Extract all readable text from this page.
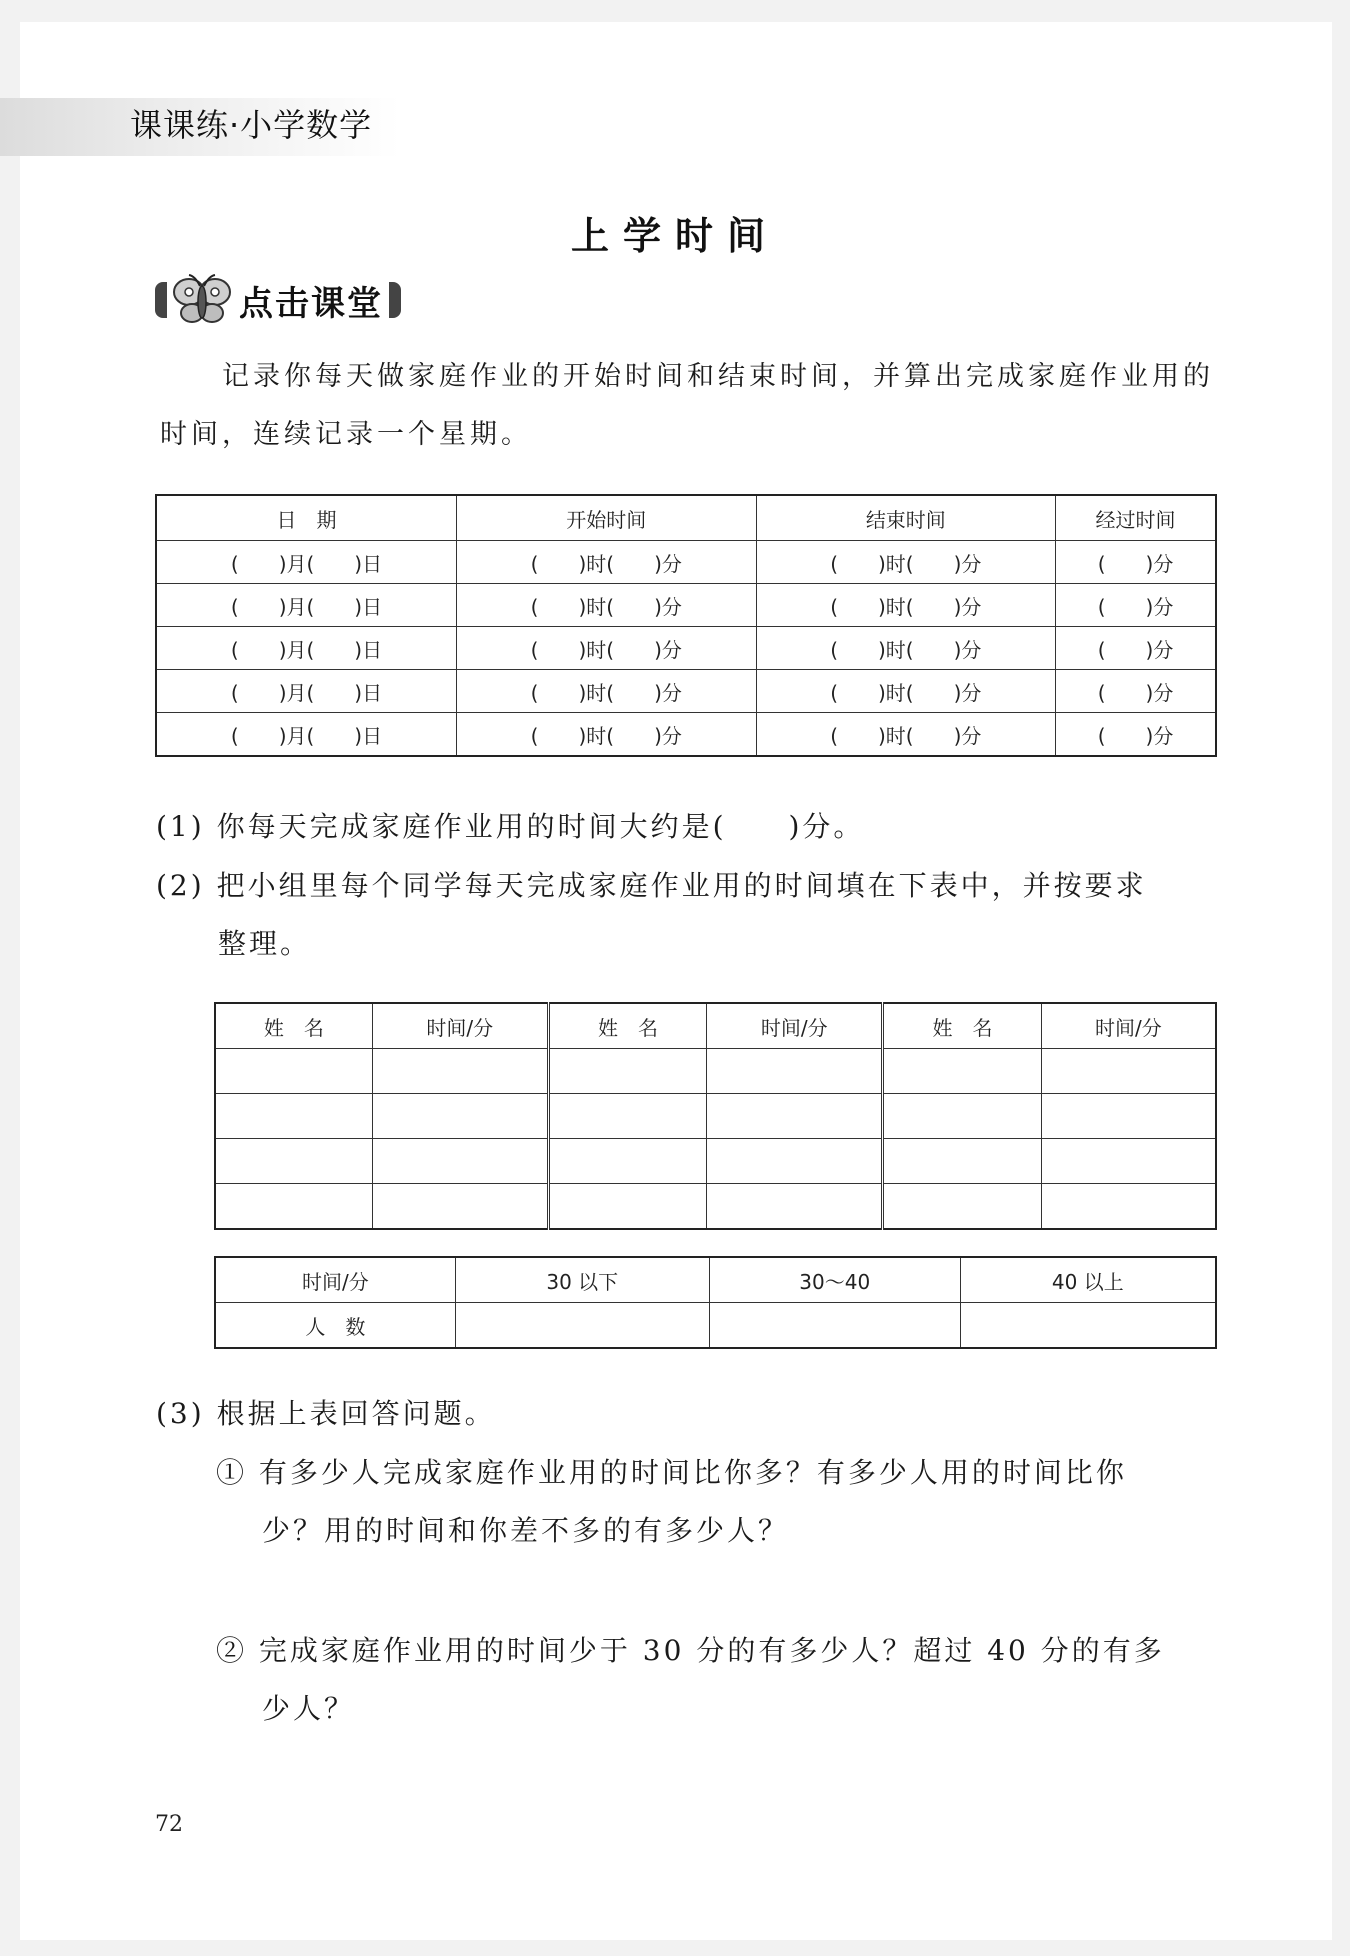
课课练·小学数学
上学时间
点击课堂
记录你每天做家庭作业的开始时间和结束时间，并算出完成家庭作业用的时间，连续记录一个星期。
日　期	开始时间	结束时间	经过时间
(　　)月(　　)日	(　　)时(　　)分	(　　)时(　　)分	(　　)分
(　　)月(　　)日	(　　)时(　　)分	(　　)时(　　)分	(　　)分
(　　)月(　　)日	(　　)时(　　)分	(　　)时(　　)分	(　　)分
(　　)月(　　)日	(　　)时(　　)分	(　　)时(　　)分	(　　)分
(　　)月(　　)日	(　　)时(　　)分	(　　)时(　　)分	(　　)分
(1) 你每天完成家庭作业用的时间大约是(　　)分。
(2) 把小组里每个同学每天完成家庭作业用的时间填在下表中，并按要求
整理。
姓　名	时间/分	姓　名	时间/分	姓　名	时间/分

时间/分	30 以下	30～40	40 以上
人　数			
(3) 根据上表回答问题。
① 有多少人完成家庭作业用的时间比你多？有多少人用的时间比你
少？用的时间和你差不多的有多少人？
② 完成家庭作业用的时间少于 30 分的有多少人？超过 40 分的有多
少人？
72
